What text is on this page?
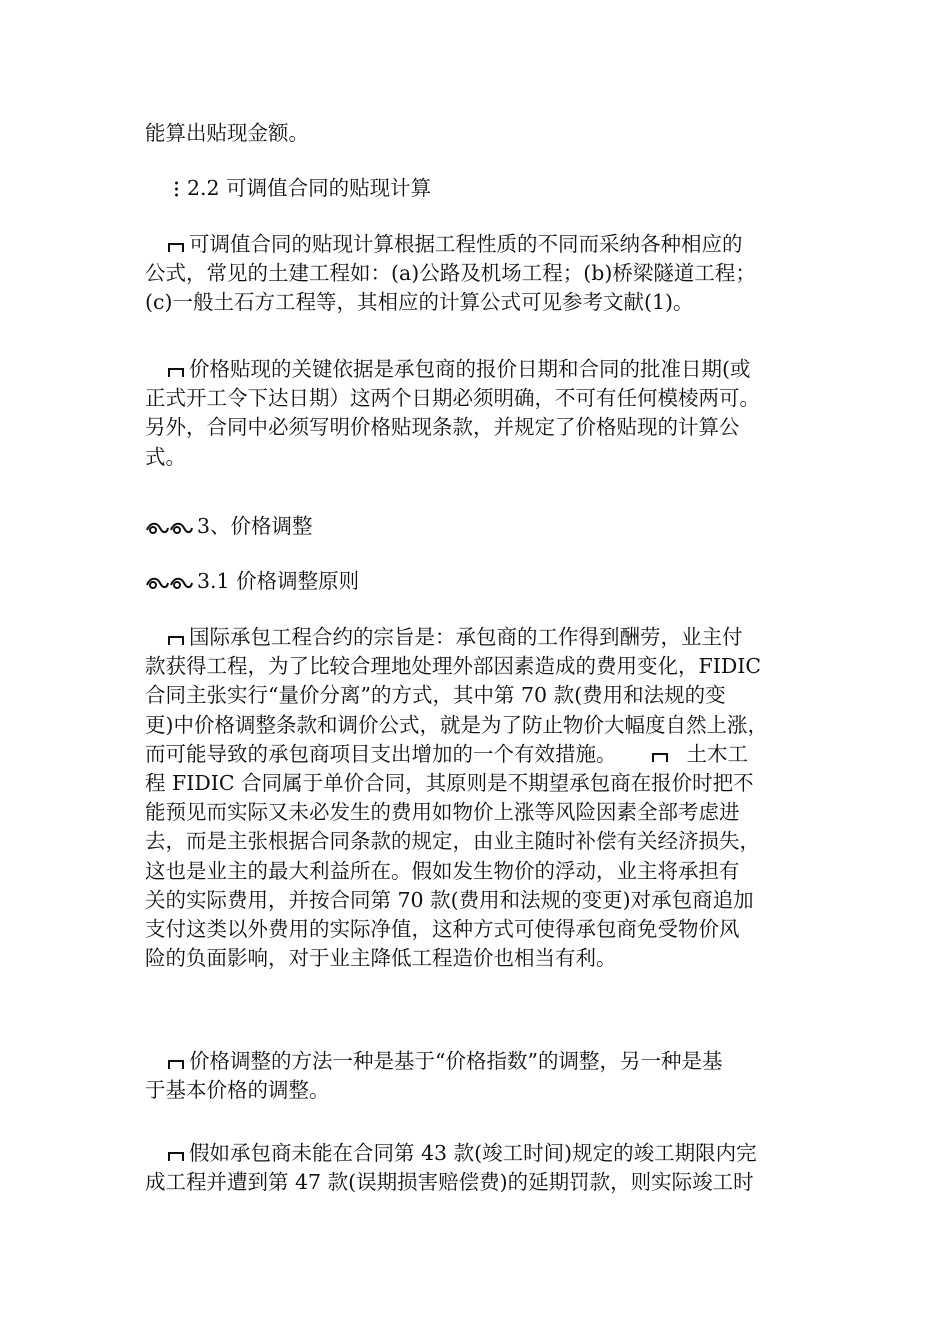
能算出贴现金额。
2.2 可调值合同的贴现计算
可调值合同的贴现计算根据工程性质的不同而采纳各种相应的
公式，常见的土建工程如：(a)公路及机场工程；(b)桥梁隧道工程；
(c)一般土石方工程等，其相应的计算公式可见参考文献(1)。
价格贴现的关键依据是承包商的报价日期和合同的批准日期(或
正式开工令下达日期）这两个日期必须明确，不可有任何模棱两可。
另外，合同中必须写明价格贴现条款，并规定了价格贴现的计算公
式。
3、价格调整
3.1 价格调整原则
国际承包工程合约的宗旨是：承包商的工作得到酬劳，业主付
款获得工程，为了比较合理地处理外部因素造成的费用变化，FIDIC
合同主张实行“量价分离”的方式，其中第 70 款(费用和法规的变
更)中价格调整条款和调价公式，就是为了防止物价大幅度自然上涨，
而可能导致的承包商项目支出增加的一个有效措施。	土木工
程 FIDIC 合同属于单价合同，其原则是不期望承包商在报价时把不
能预见而实际又未必发生的费用如物价上涨等风险因素全部考虑进
去，而是主张根据合同条款的规定，由业主随时补偿有关经济损失，
这也是业主的最大利益所在。假如发生物价的浮动，业主将承担有
关的实际费用，并按合同第 70 款(费用和法规的变更)对承包商追加
支付这类以外费用的实际净值，这种方式可使得承包商免受物价风
险的负面影响，对于业主降低工程造价也相当有利。
价格调整的方法一种是基于“价格指数”的调整，另一种是基
于基本价格的调整。
假如承包商未能在合同第 43 款(竣工时间)规定的竣工期限内完
成工程并遭到第 47 款(误期损害赔偿费)的延期罚款，则实际竣工时
